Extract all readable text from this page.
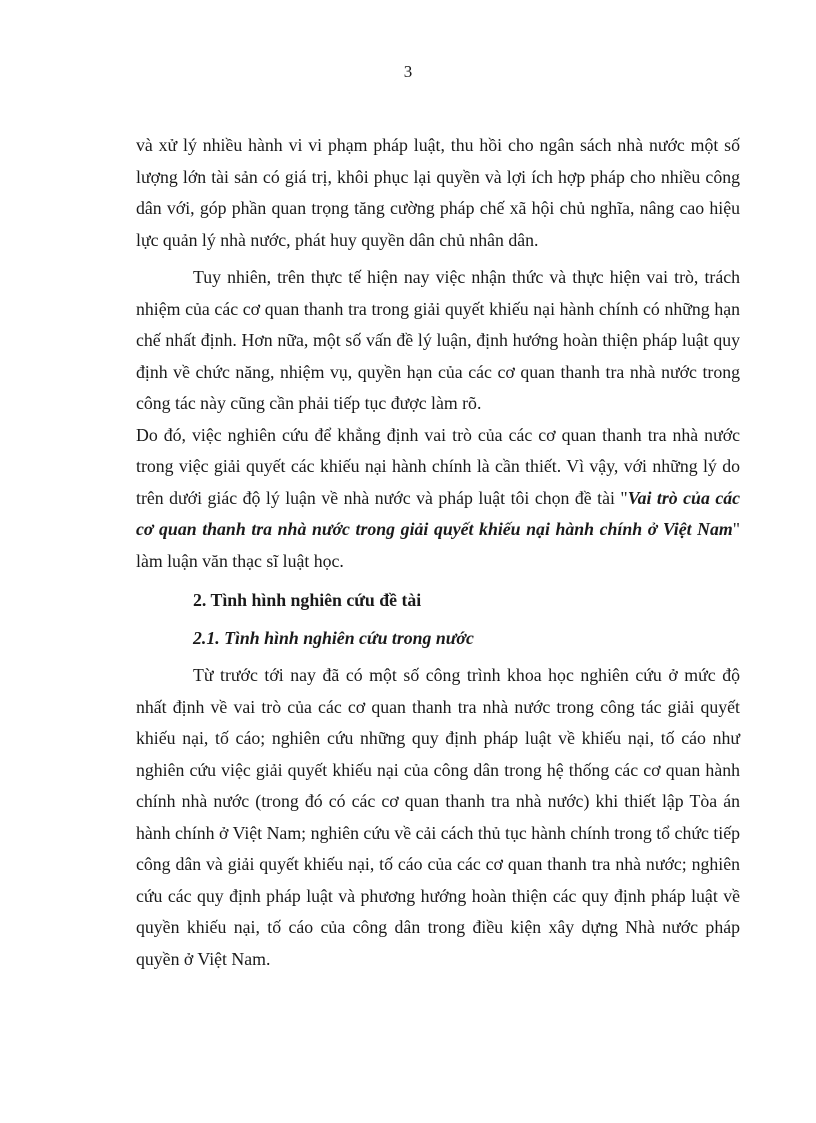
3

và xử lý nhiều hành vi vi phạm pháp luật, thu hồi cho ngân sách nhà nước một số lượng lớn tài sản có giá trị, khôi phục lại quyền và lợi ích hợp pháp cho nhiều công dân với, góp phần quan trọng tăng cường pháp chế xã hội chủ nghĩa, nâng cao hiệu lực quản lý nhà nước, phát huy quyền dân chủ nhân dân.

Tuy nhiên, trên thực tế hiện nay việc nhận thức và thực hiện vai trò, trách nhiệm của các cơ quan thanh tra trong giải quyết khiếu nại hành chính có những hạn chế nhất định. Hơn nữa, một số vấn đề lý luận, định hướng hoàn thiện pháp luật quy định về chức năng, nhiệm vụ, quyền hạn của các cơ quan thanh tra nhà nước trong công tác này cũng cần phải tiếp tục được làm rõ.

Do đó, việc nghiên cứu để khẳng định vai trò của các cơ quan thanh tra nhà nước trong việc giải quyết các khiếu nại hành chính là cần thiết. Vì vậy, với những lý do trên dưới giác độ lý luận về nhà nước và pháp luật tôi chọn đề tài "Vai trò của các cơ quan thanh tra nhà nước trong giải quyết khiếu nại hành chính ở Việt Nam" làm luận văn thạc sĩ luật học.

2. Tình hình nghiên cứu đề tài

2.1. Tình hình nghiên cứu trong nước

Từ trước tới nay đã có một số công trình khoa học nghiên cứu ở mức độ nhất định về vai trò của các cơ quan thanh tra nhà nước trong công tác giải quyết khiếu nại, tố cáo; nghiên cứu những quy định pháp luật về khiếu nại, tố cáo như nghiên cứu việc giải quyết khiếu nại của công dân trong hệ thống các cơ quan hành chính nhà nước (trong đó có các cơ quan thanh tra nhà nước) khi thiết lập Tòa án hành chính ở Việt Nam; nghiên cứu về cải cách thủ tục hành chính trong tổ chức tiếp công dân và giải quyết khiếu nại, tố cáo của các cơ quan thanh tra nhà nước; nghiên cứu các quy định pháp luật và phương hướng hoàn thiện các quy định pháp luật về quyền khiếu nại, tố cáo của công dân trong điều kiện xây dựng Nhà nước pháp quyền ở Việt Nam.
